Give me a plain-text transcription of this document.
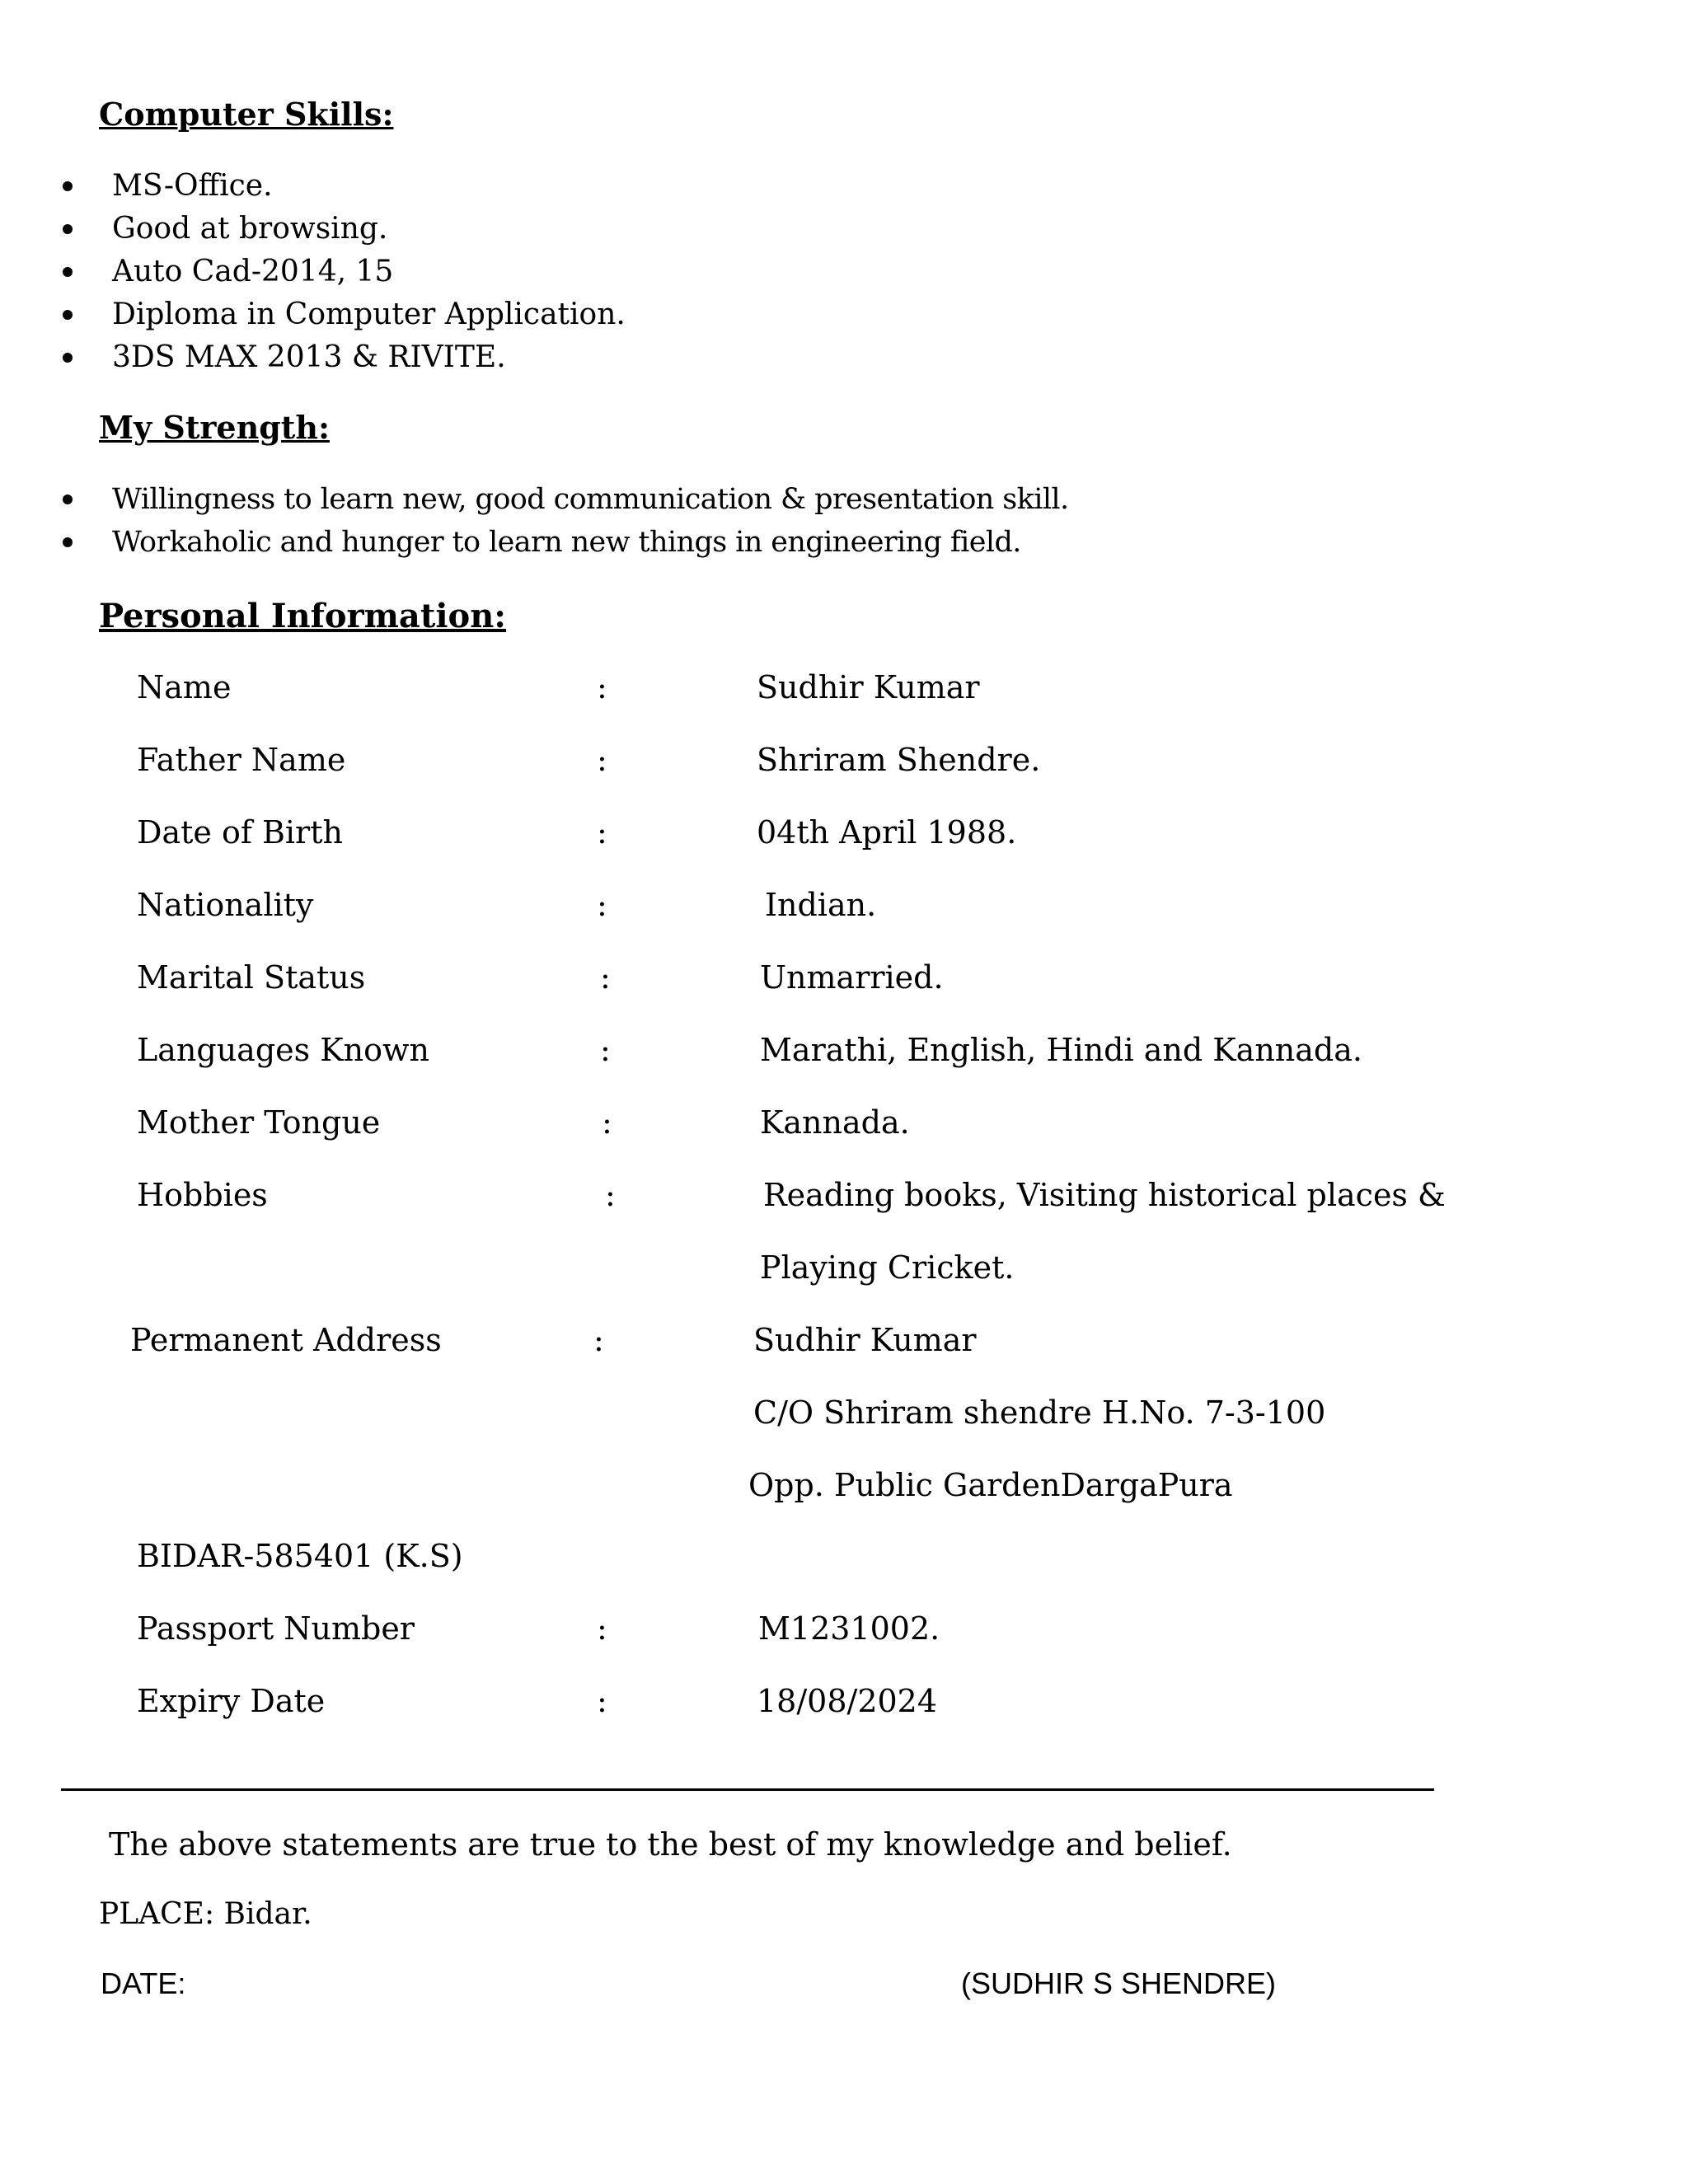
Computer Skills:
MS-Office.
Good at browsing.
Auto Cad-2014, 15
Diploma in Computer Application.
3DS MAX 2013 & RIVITE.
My Strength:
Willingness to learn new, good communication & presentation skill.
Workaholic and hunger to learn new things in engineering field.
Personal Information:
Name	:	Sudhir Kumar
Father Name	:	Shriram Shendre.
Date of Birth	:	04th April 1988.
Nationality	:	Indian.
Marital Status	:	Unmarried.
Languages Known	:	Marathi, English, Hindi and Kannada.
Mother Tongue	:	Kannada.
Hobbies	:	Reading books, Visiting historical places &
Playing Cricket.
Permanent Address	:	Sudhir Kumar
C/O Shriram shendre H.No. 7-3-100
Opp. Public GardenDargaPura
BIDAR-585401 (K.S)
Passport Number	:	M1231002.
Expiry Date	:	18/08/2024
The above statements are true to the best of my knowledge and belief.
PLACE: Bidar.
DATE:	(SUDHIR S SHENDRE)
